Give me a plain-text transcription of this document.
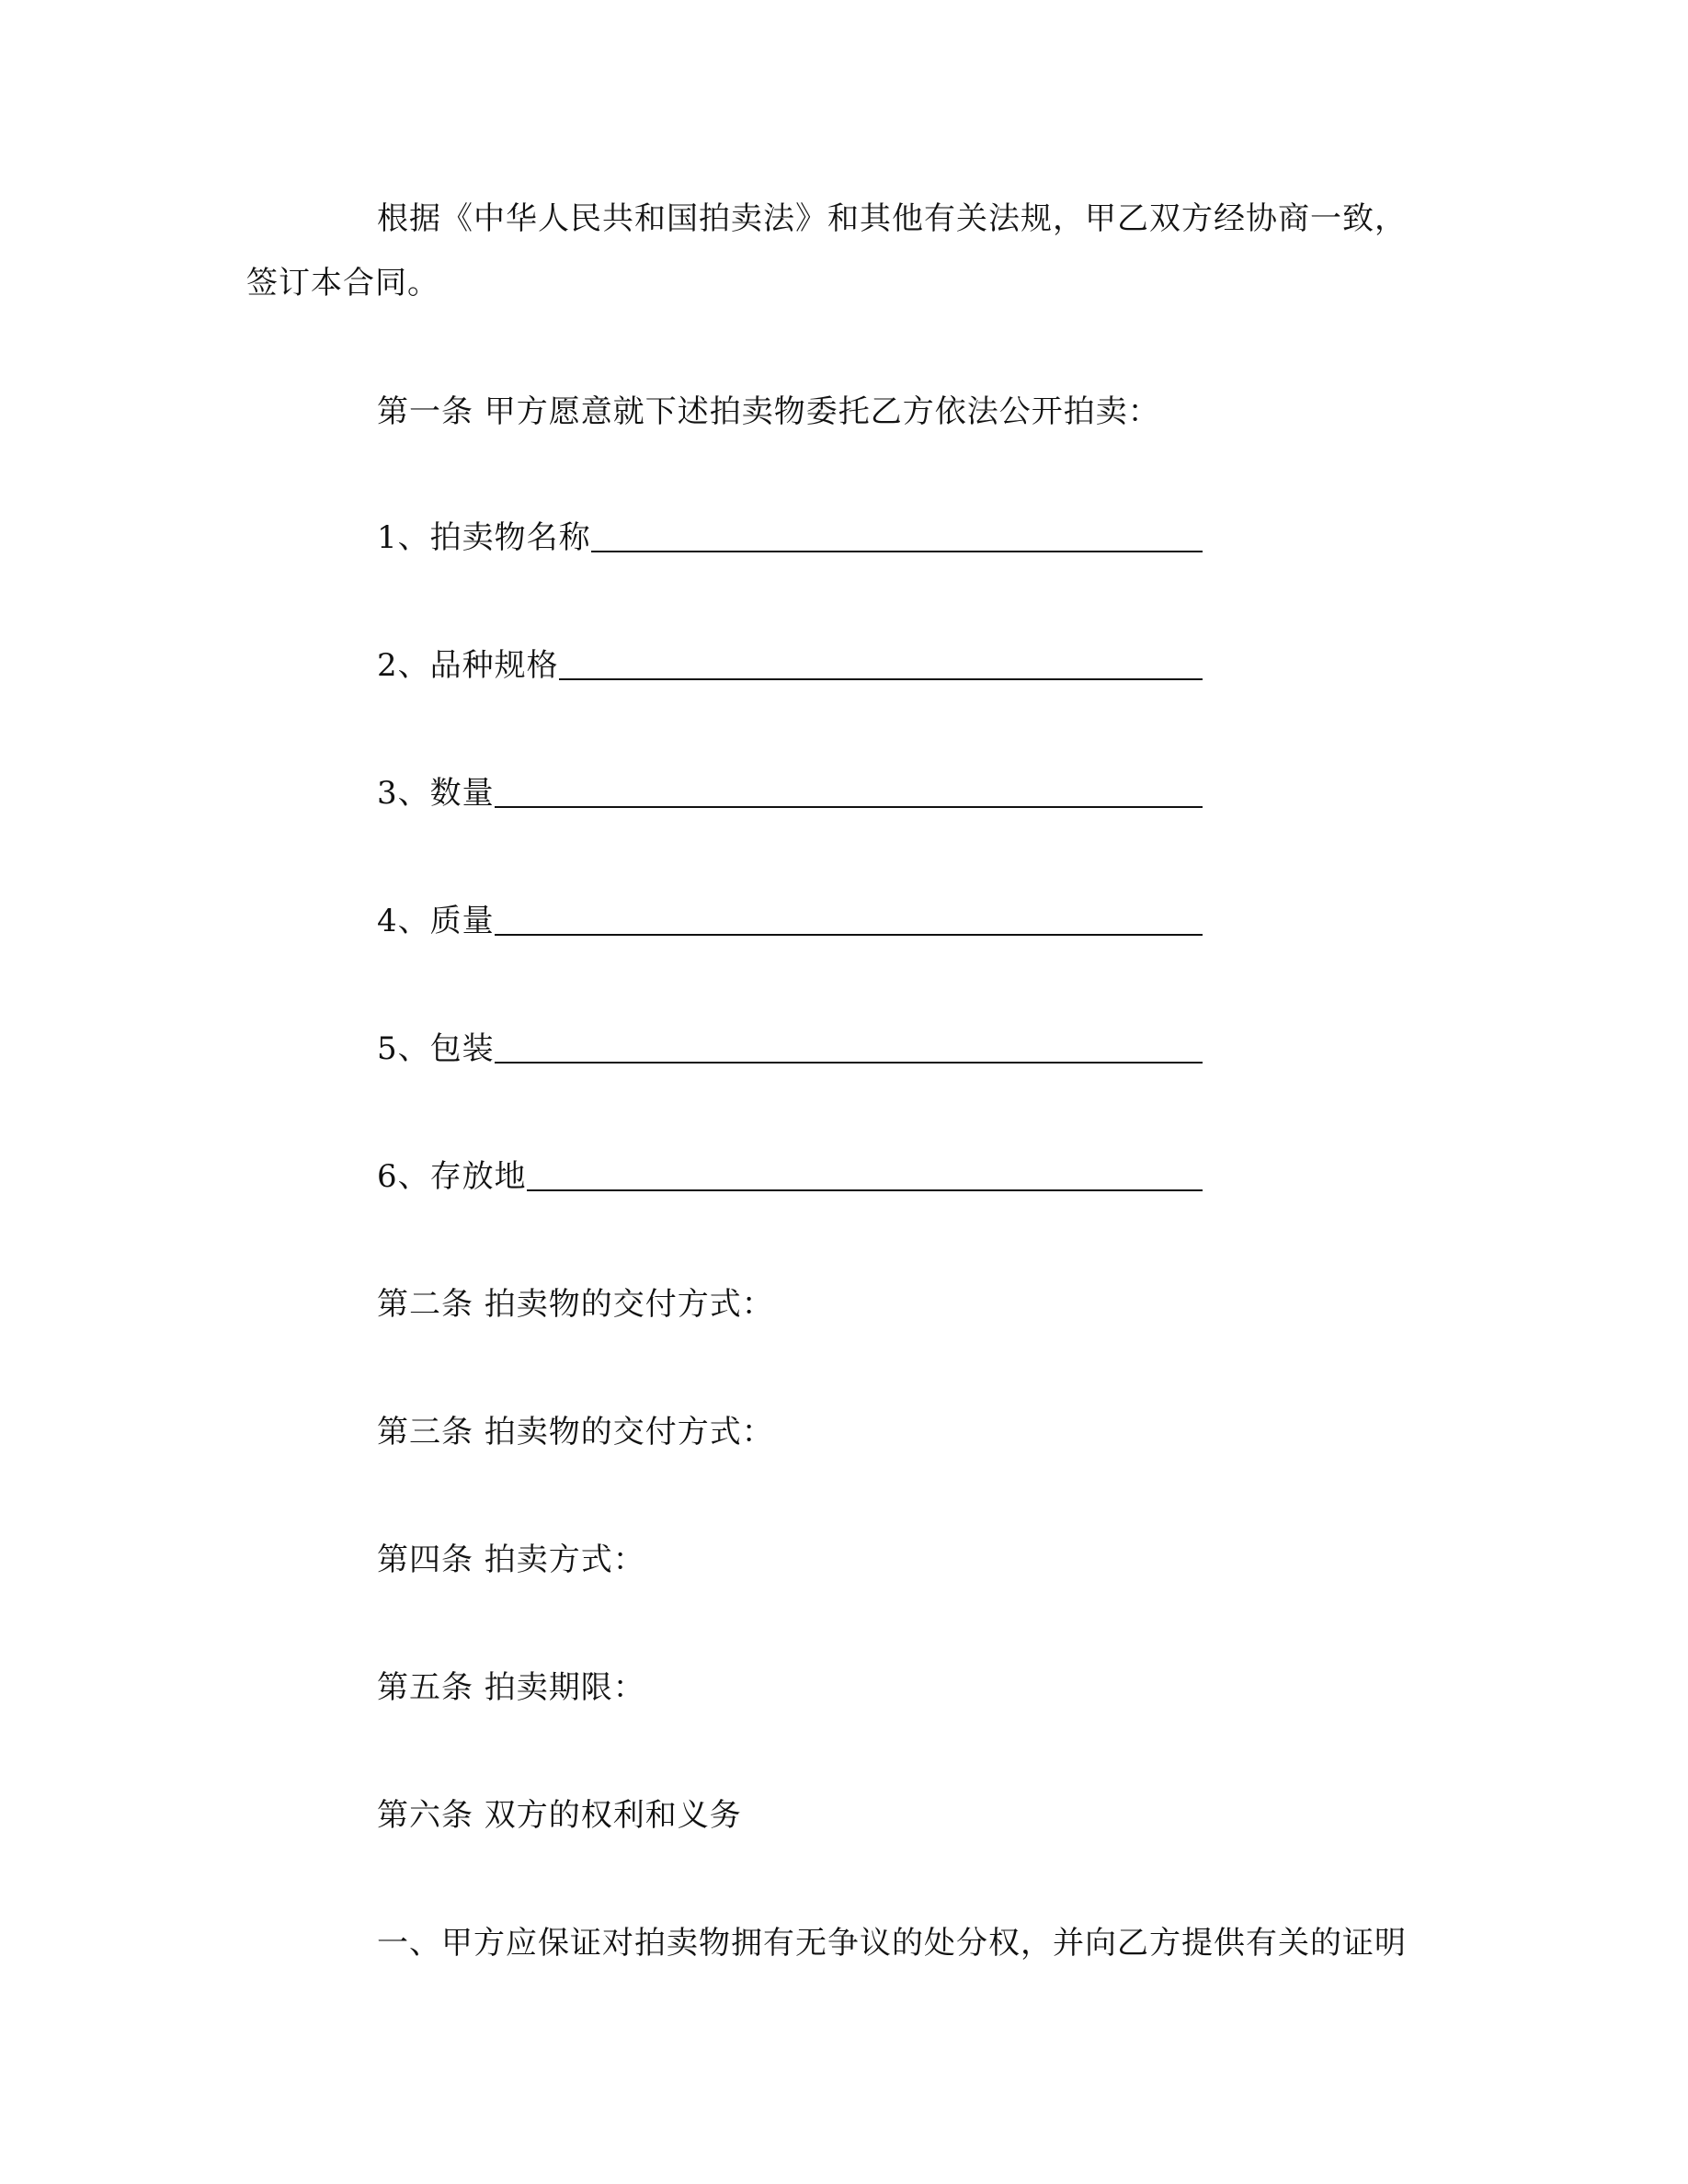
根据《中华人民共和国拍卖法》和其他有关法规，甲乙双方经协商一致，
签订本合同。
第一条 甲方愿意就下述拍卖物委托乙方依法公开拍卖：
1、拍卖物名称
2、品种规格
3、数量
4、质量
5、包装
6、存放地
第二条 拍卖物的交付方式：
第三条 拍卖物的交付方式：
第四条 拍卖方式：
第五条 拍卖期限：
第六条 双方的权利和义务
一、甲方应保证对拍卖物拥有无争议的处分权，并向乙方提供有关的证明
